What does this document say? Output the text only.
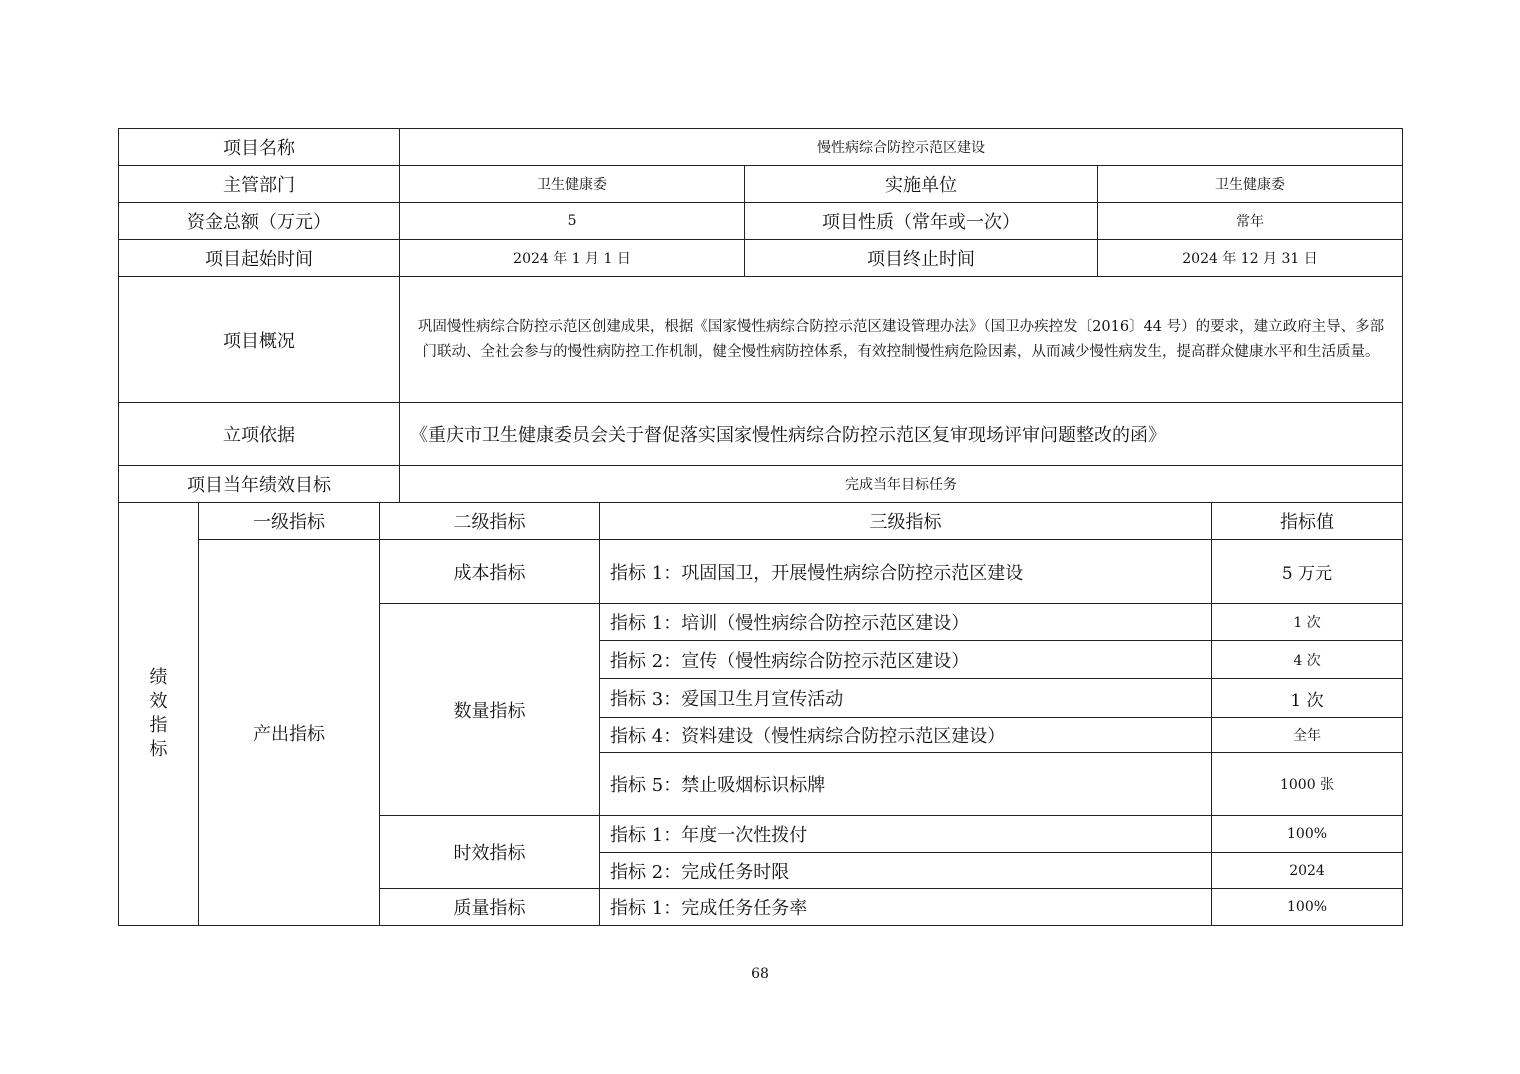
项目名称			慢性病综合防控示范区建设				
主管部门			卫生健康委		实施单位	卫生健康委	
资金总额（万元）			5		项目性质（常年或一次）	常年	
项目起始时间			2024 年 1 月 1 日		项目终止时间	2024 年 12 月 31 日	
项目概况			巩固慢性病综合防控示范区创建成果，根据《国家慢性病综合防控示范区建设管理办法》（国卫办疾控发〔2016〕44 号）的要求，建立政府主导、多部门联动、全社会参与的慢性病防控工作机制，健全慢性病防控体系，有效控制慢性病危险因素，从而减少慢性病发生，提高群众健康水平和生活质量。				
立项依据			《重庆市卫生健康委员会关于督促落实国家慢性病综合防控示范区复审现场评审问题整改的函》				
项目当年绩效目标			完成当年目标任务				

绩
效
指
标	一级指标	二级指标		三级指标			指标值
	产出指标	成本指标		指标 1：巩固国卫，开展慢性病综合防控示范区建设			5 万元
		数量指标		指标 1：培训（慢性病综合防控示范区建设）			1 次
				指标 2：宣传（慢性病综合防控示范区建设）			4 次
				指标 3：爱国卫生月宣传活动			1 次
				指标 4：资料建设（慢性病综合防控示范区建设）			全年
				指标 5：禁止吸烟标识标牌			1000 张
		时效指标		指标 1：年度一次性拨付			100%
				指标 2：完成任务时限			2024
		质量指标		指标 1：完成任务任务率			100%
68
